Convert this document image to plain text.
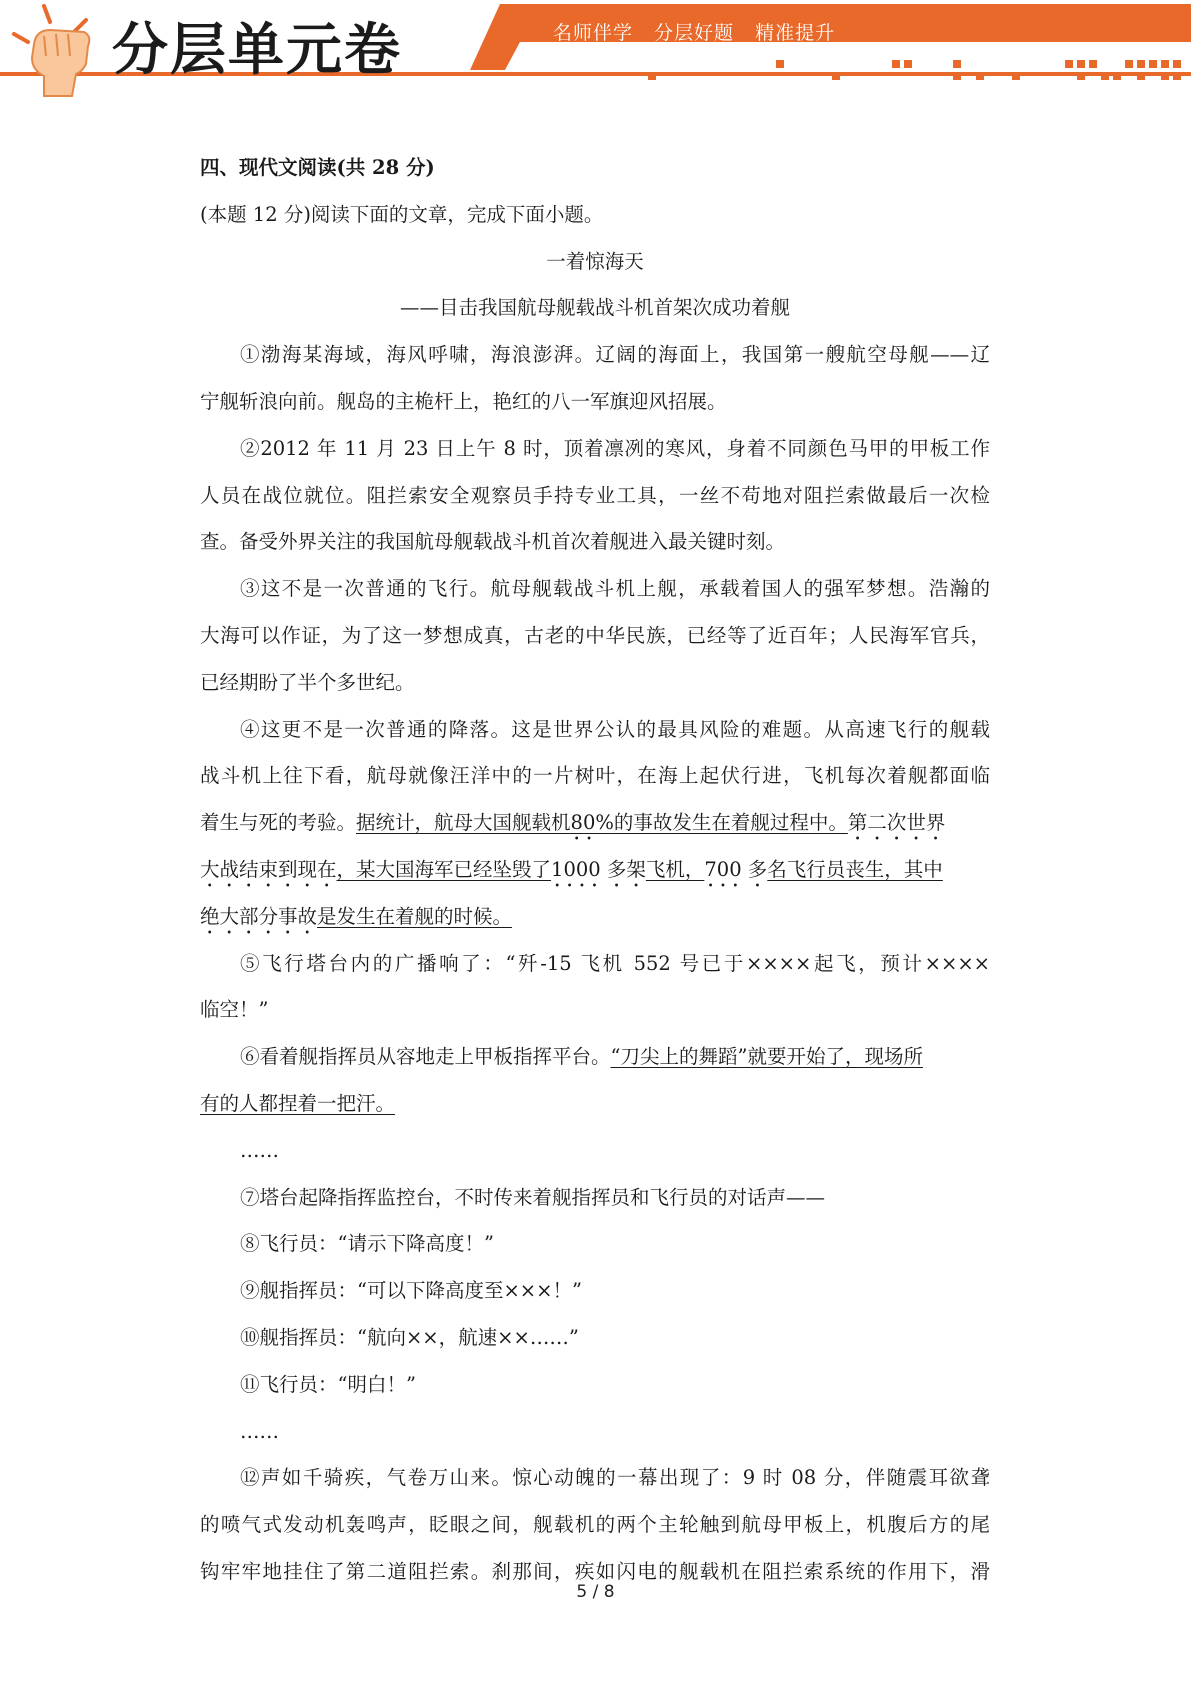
分层单元卷	名师伴学 分层好题 精准提升
四、现代文阅读(共 28 分)
(本题 12 分)阅读下面的文章，完成下面小题。
一着惊海天
——目击我国航母舰载战斗机首架次成功着舰
①渤海某海域，海风呼啸，海浪澎湃。辽阔的海面上，我国第一艘航空母舰——辽
宁舰斩浪向前。舰岛的主桅杆上，艳红的八一军旗迎风招展。
②2012 年 11 月 23 日上午 8 时，顶着凛冽的寒风，身着不同颜色马甲的甲板工作
人员在战位就位。阻拦索安全观察员手持专业工具，一丝不苟地对阻拦索做最后一次检
查。备受外界关注的我国航母舰载战斗机首次着舰进入最关键时刻。
③这不是一次普通的飞行。航母舰载战斗机上舰，承载着国人的强军梦想。浩瀚的
大海可以作证，为了这一梦想成真，古老的中华民族，已经等了近百年；人民海军官兵，
已经期盼了半个多世纪。
④这更不是一次普通的降落。这是世界公认的最具风险的难题。从高速飞行的舰载
战斗机上往下看，航母就像汪洋中的一片树叶，在海上起伏行进，飞机每次着舰都面临
着生与死的考验。据统计，航母大国舰载机80%的事故发生在着舰过程中。第二次世界
大战结束到现在，某大国海军已经坠毁了1000 多架飞机，700 多名飞行员丧生，其中
绝大部分事故是发生在着舰的时候。
⑤飞行塔台内的广播响了：“歼-15 飞机 552 号已于××××起飞，预计××××
临空！”
⑥看着舰指挥员从容地走上甲板指挥平台。“刀尖上的舞蹈”就要开始了，现场所
有的人都捏着一把汗。
……
⑦塔台起降指挥监控台，不时传来着舰指挥员和飞行员的对话声——
⑧飞行员：“请示下降高度！”
⑨舰指挥员：“可以下降高度至×××！”
⑩舰指挥员：“航向××，航速××……”
⑪飞行员：“明白！”
……
⑫声如千骑疾，气卷万山来。惊心动魄的一幕出现了：9 时 08 分，伴随震耳欲聋
的喷气式发动机轰鸣声，眨眼之间，舰载机的两个主轮触到航母甲板上，机腹后方的尾
钩牢牢地挂住了第二道阻拦索。刹那间，疾如闪电的舰载机在阻拦索系统的作用下，滑
5 / 8
